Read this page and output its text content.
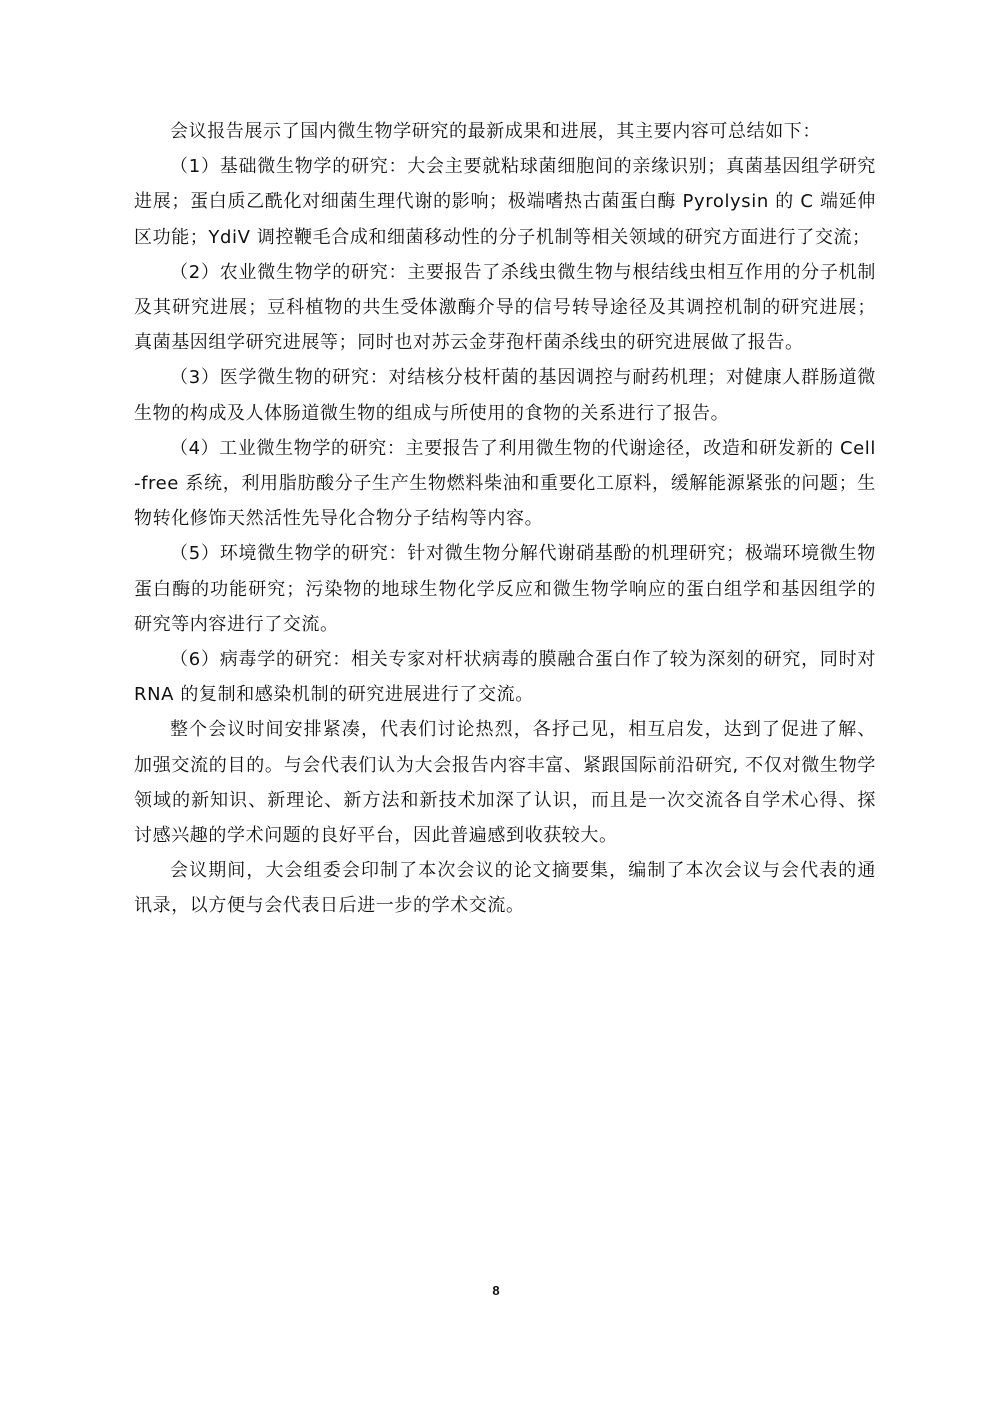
会议报告展示了国内微生物学研究的最新成果和进展，其主要内容可总结如下：

（1）基础微生物学的研究：大会主要就粘球菌细胞间的亲缘识别；真菌基因组学研究进展；蛋白质乙酰化对细菌生理代谢的影响；极端嗜热古菌蛋白酶 Pyrolysin 的 C 端延伸区功能；YdiV 调控鞭毛合成和细菌移动性的分子机制等相关领域的研究方面进行了交流；

（2）农业微生物学的研究：主要报告了杀线虫微生物与根结线虫相互作用的分子机制及其研究进展；豆科植物的共生受体激酶介导的信号转导途径及其调控机制的研究进展；真菌基因组学研究进展等；同时也对苏云金芽孢杆菌杀线虫的研究进展做了报告。

（3）医学微生物的研究：对结核分枝杆菌的基因调控与耐药机理；对健康人群肠道微生物的构成及人体肠道微生物的组成与所使用的食物的关系进行了报告。

（4）工业微生物学的研究：主要报告了利用微生物的代谢途径，改造和研发新的 Cell-free 系统，利用脂肪酸分子生产生物燃料柴油和重要化工原料，缓解能源紧张的问题；生物转化修饰天然活性先导化合物分子结构等内容。

（5）环境微生物学的研究：针对微生物分解代谢硝基酚的机理研究；极端环境微生物蛋白酶的功能研究；污染物的地球生物化学反应和微生物学响应的蛋白组学和基因组学的研究等内容进行了交流。

（6）病毒学的研究：相关专家对杆状病毒的膜融合蛋白作了较为深刻的研究，同时对 RNA 的复制和感染机制的研究进展进行了交流。

整个会议时间安排紧凑，代表们讨论热烈，各抒己见，相互启发，达到了促进了解、加强交流的目的。与会代表们认为大会报告内容丰富、紧跟国际前沿研究, 不仅对微生物学领域的新知识、新理论、新方法和新技术加深了认识，而且是一次交流各自学术心得、探讨感兴趣的学术问题的良好平台，因此普遍感到收获较大。

会议期间，大会组委会印制了本次会议的论文摘要集，编制了本次会议与会代表的通讯录，以方便与会代表日后进一步的学术交流。

8
